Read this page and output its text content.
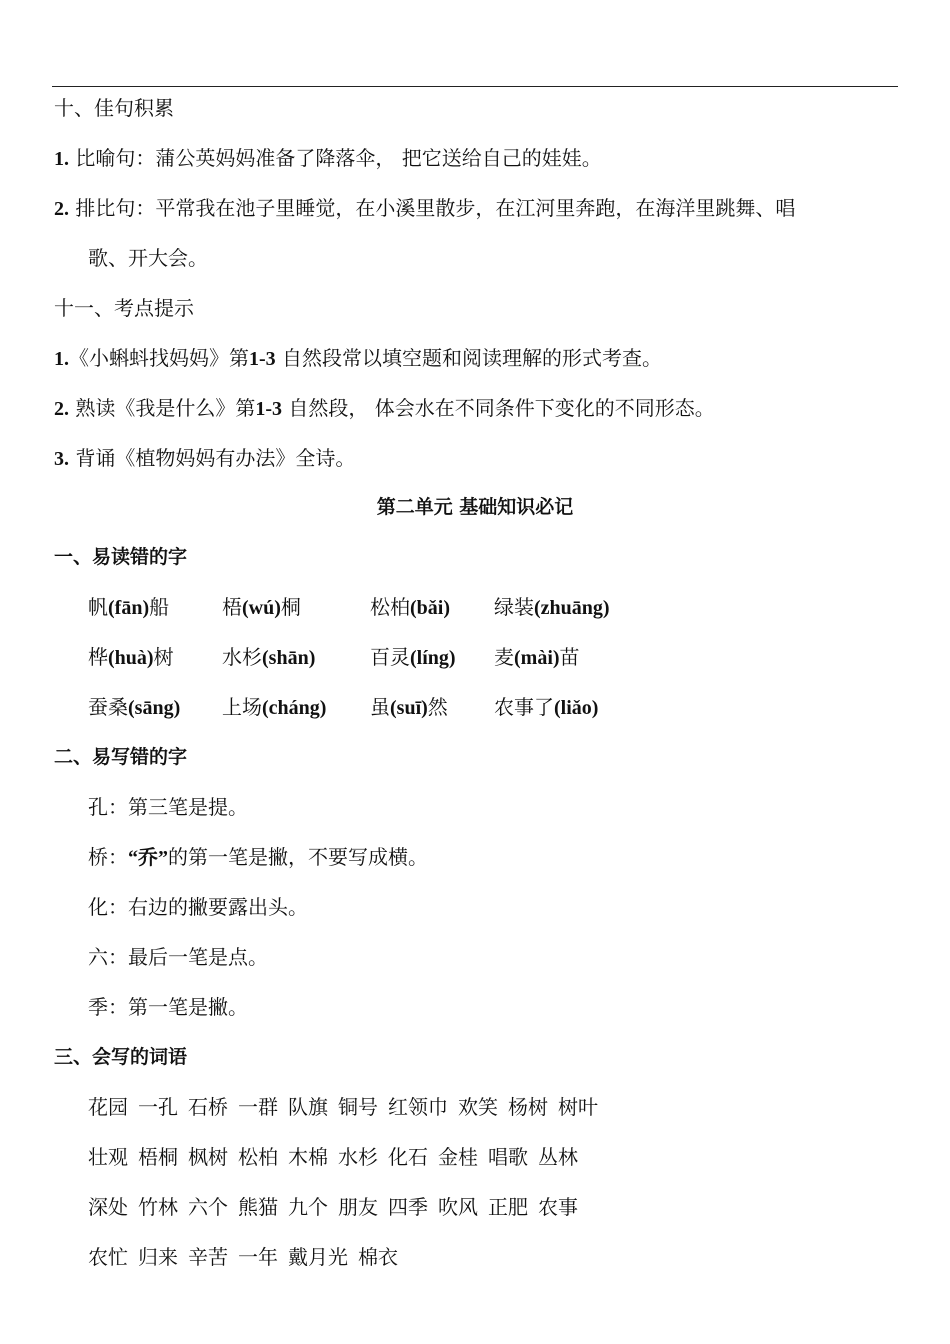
十、佳句积累
1. 比喻句：蒲公英妈妈准备了降落伞， 把它送给自己的娃娃。
2. 排比句：平常我在池子里睡觉，在小溪里散步，在江河里奔跑，在海洋里跳舞、唱
歌、开大会。
十一、考点提示
1.《小蝌蚪找妈妈》第1-3 自然段常以填空题和阅读理解的形式考查。
2. 熟读《我是什么》第1-3 自然段， 体会水在不同条件下变化的不同形态。
3. 背诵《植物妈妈有办法》全诗。
第二单元 基础知识必记
一、易读错的字
帆(fān)船	梧(wú)桐	松柏(bǎi) 绿装(zhuāng)
桦(huà)树 水杉(shān)	百灵(líng) 麦(mài)苗
蚕桑(sāng) 上场(cháng) 虽(suī)然 农事了(liǎo)
二、易写错的字
孔：第三笔是提。
桥：“乔”的第一笔是撇，不要写成横。
化：右边的撇要露出头。
六：最后一笔是点。
季：第一笔是撇。
三、会写的词语
花园 一孔 石桥 一群 队旗 铜号 红领巾 欢笑 杨树 树叶
壮观 梧桐 枫树 松柏 木棉 水杉 化石 金桂 唱歌 丛林
深处 竹林 六个 熊猫 九个 朋友 四季 吹风 正肥 农事
农忙 归来 辛苦 一年 戴月光 棉衣
